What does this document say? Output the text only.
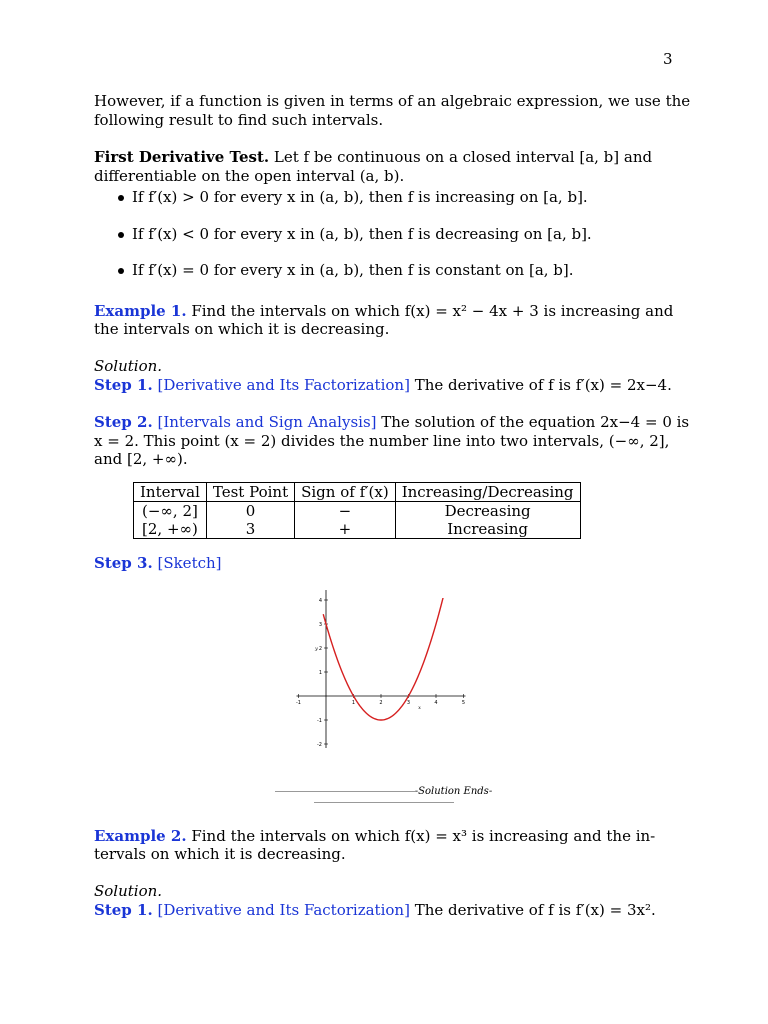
3
However, if a function is given in terms of an algebraic expression, we use the
following result to find such intervals.
First Derivative Test. Let f be continuous on a closed interval [a, b] and
differentiable on the open interval (a, b).
If f′(x) > 0 for every x in (a, b), then f is increasing on [a, b].
If f′(x) < 0 for every x in (a, b), then f is decreasing on [a, b].
If f′(x) = 0 for every x in (a, b), then f is constant on [a, b].
Example 1. Find the intervals on which f(x) = x² − 4x + 3 is increasing and
the intervals on which it is decreasing.
Solution.
Step 1. [Derivative and Its Factorization] The derivative of f is f′(x) = 2x−4.
Step 2. [Intervals and Sign Analysis] The solution of the equation 2x−4 = 0 is
x = 2. This point (x = 2) divides the number line into two intervals, (−∞, 2],
and [2, +∞).
Interval	Test Point	Sign of f′(x)	Increasing/Decreasing
(−∞, 2]	0	−	Decreasing
[2, +∞)	3	+	Increasing
Step 3. [Sketch]
-1	1	2	3	4	5
-2
-1
1
2
3
4
x
y
-Solution Ends-
Example 2. Find the intervals on which f(x) = x³ is increasing and the in-
tervals on which it is decreasing.
Solution.
Step 1. [Derivative and Its Factorization] The derivative of f is f′(x) = 3x².
